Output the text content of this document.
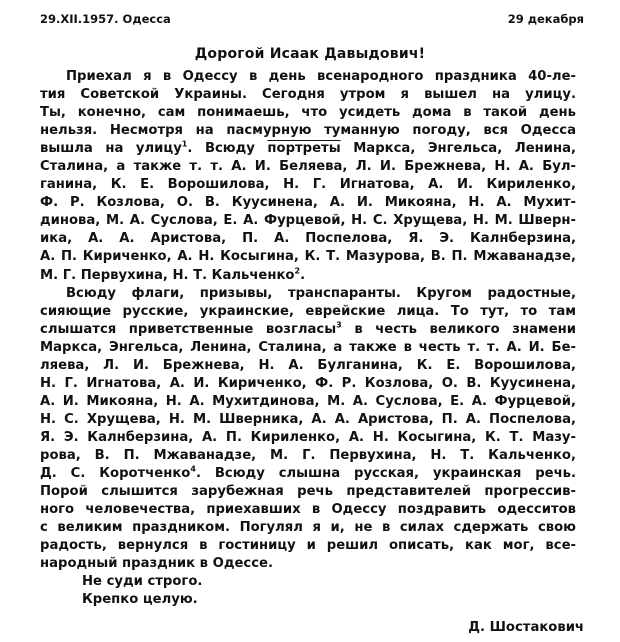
29.XII.1957. Одесса	29 декабря
Дорогой Исаак Давыдович!
Приехал я в Одессу в день всенародного праздника 40-ле-
тия Советской Украины. Сегодня утром я вышел на улицу.
Ты, конечно, сам понимаешь, что усидеть дома в такой день
нельзя. Несмотря на пасмурную туманную погоду, вся Одесса
вышла на улицу$^1$. Всюду портреты Маркса, Энгельса, Ленина,
Сталина, а также т. т. А. И. Беляева, Л. И. Брежнева, Н. А. Бул-
ганина, К. Е. Ворошилова, Н. Г. Игнатова, А. И. Кириленко,
Ф. Р. Козлова, О. В. Куусинена, А. И. Микояна, Н. А. Мухит-
динова, М. А. Суслова, Е. А. Фурцевой, Н. С. Хрущева, Н. М. Шверн-
ика, А. А. Аристова, П. А. Поспелова, Я. Э. Калнберзина,
А. П. Кириченко, А. Н. Косыгина, К. Т. Мазурова, В. П. Мжаванадзе,
М. Г. Первухина, Н. Т. Кальченко$^2$.
Всюду флаги, призывы, транспаранты. Кругом радостные,
сияющие русские, украинские, еврейские лица. То тут, то там
слышатся приветственные возгласы$^3$ в честь великого знамени
Маркса, Энгельса, Ленина, Сталина, а также в честь т. т. А. И. Бе-
ляева, Л. И. Брежнева, Н. А. Булганина, К. Е. Ворошилова,
Н. Г. Игнатова, А. И. Кириченко, Ф. Р. Козлова, О. В. Куусинена,
А. И. Микояна, Н. А. Мухитдинова, М. А. Суслова, Е. А. Фурцевой,
Н. С. Хрущева, Н. М. Шверника, А. А. Аристова, П. А. Поспелова,
Я. Э. Калнберзина, А. П. Кириленко, А. Н. Косыгина, К. Т. Мазу-
рова, В. П. Мжаванадзе, М. Г. Первухина, Н. Т. Кальченко,
Д. С. Коротченко$^4$. Всюду слышна русская, украинская речь.
Порой слышится зарубежная речь представителей прогрессив-
ного человечества, приехавших в Одессу поздравить одесситов
с великим праздником. Погулял я и, не в силах сдержать свою
радость, вернулся в гостиницу и решил описать, как мог, все-
народный праздник в Одессе.
Не суди строго.
Крепко целую.
Д. Шостакович
